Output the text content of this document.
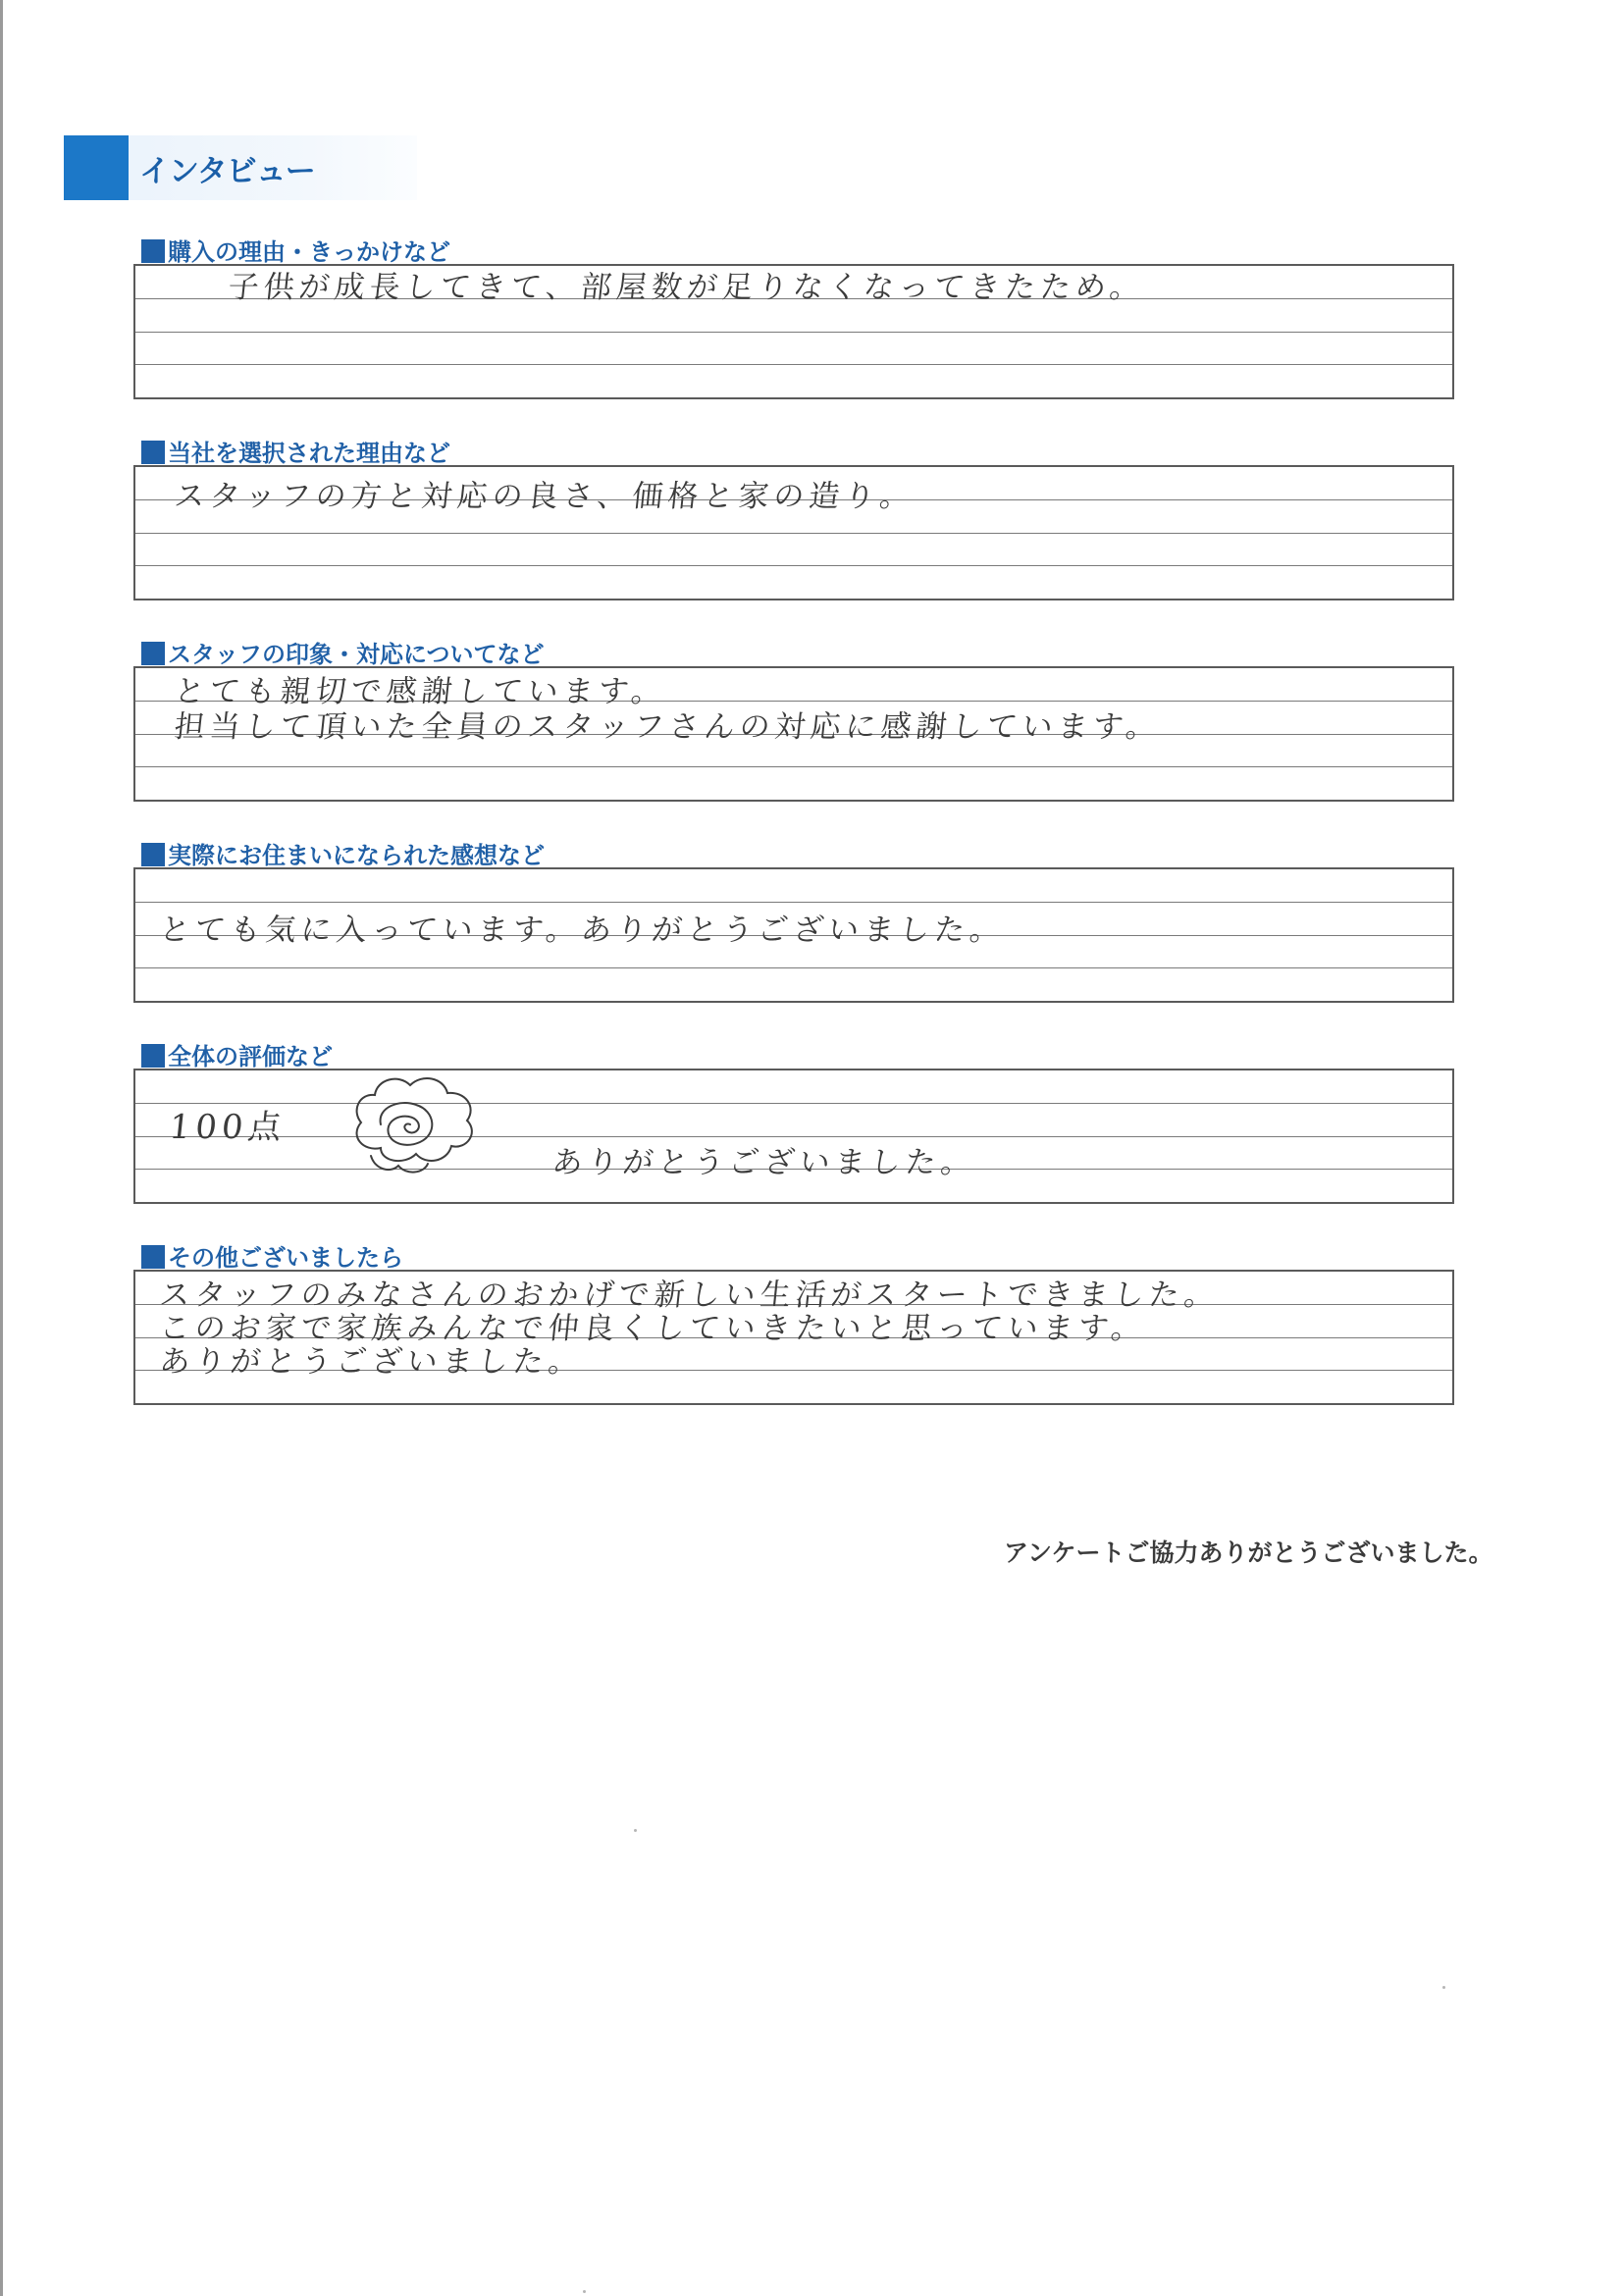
インタビュー
購入の理由・きっかけなど
子供が成長してきて、部屋数が足りなくなってきたため。
当社を選択された理由など
スタッフの方と対応の良さ、価格と家の造り。
スタッフの印象・対応についてなど
とても親切で感謝しています。
担当して頂いた全員のスタッフさんの対応に感謝しています。
実際にお住まいになられた感想など
とても気に入っています。ありがとうございました。
全体の評価など
100点
ありがとうございました。
その他ございましたら
スタッフのみなさんのおかげで新しい生活がスタートできました。
このお家で家族みんなで仲良くしていきたいと思っています。
ありがとうございました。
アンケートご協力ありがとうございました。
